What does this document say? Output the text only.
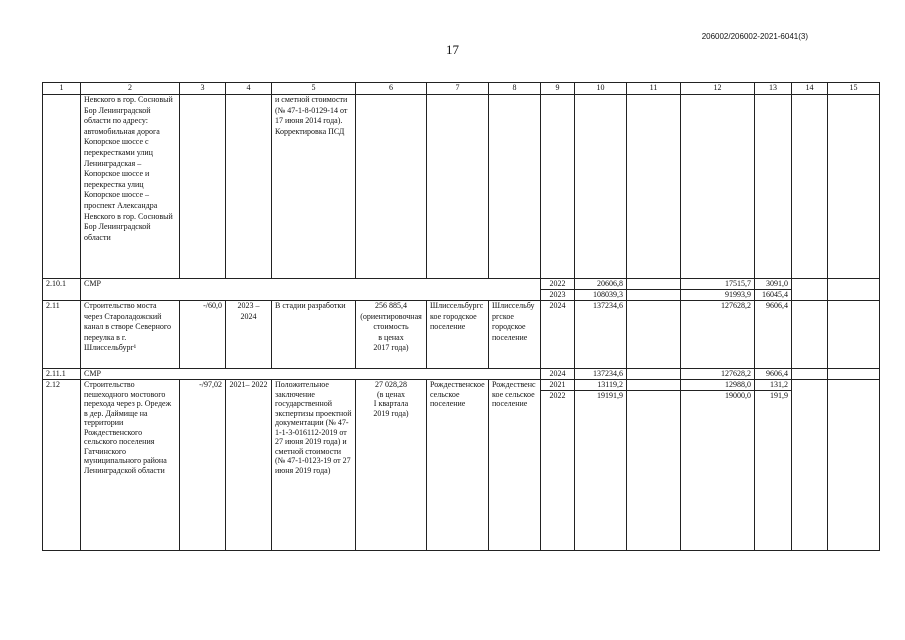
206002/206002-2021-6041(3)
17
1	2	3	4	5	6	7	8	9	10	11	12	13	14	15
	Невского в гор. Сосновый Бор Ленинградской области по адресу: автомобильная дорога Копорское шоссе с перекрестками улиц Ленинградская – Копорское шоссе и перекрестка улиц Копорское шоссе – проспект Александра Невского в гор. Сосновый Бор Ленинградской области			и сметной стоимости (№ 47-1-8-0129-14 от 17 июня 2014 года). Корректировка ПСД										
2.10.1	СМР							2022	20606,8		17515,7	3091,0		
								2023	108039,3		91993,9	16045,4		
2.11	Строительство моста через Староладожский канал в створе Северного переулка в г. Шлиссельбург¹	-/60,0	2023 – 2024	В стадии разработки	256 885,4
(ориентировочная стоимость
в ценах
2017 года)	Шлиссельбургское городское поселение	Шлиссельбургское городское поселение	2024	137234,6		127628,2	9606,4		
2.11.1	СМР							2024	137234,6		127628,2	9606,4		
2.12	Строительство пешеходного мостового перехода через р. Оредеж в дер. Даймище на территории Рождественского сельского поселения Гатчинского муниципального района Ленинградской области	-/97,02	2021– 2022	Положительное заключение государственной экспертизы проектной документации (№ 47-1-1-3-016112-2019 от 27 июня 2019 года) и сметной стоимости (№ 47-1-0123-19 от 27 июня 2019 года)	27 028,28
(в ценах
I квартала
2019 года)	Рождественское сельское поселение	Рождественское сельское поселение	2021	13119,2		12988,0	131,2		
								2022	19191,9		19000,0	191,9		
